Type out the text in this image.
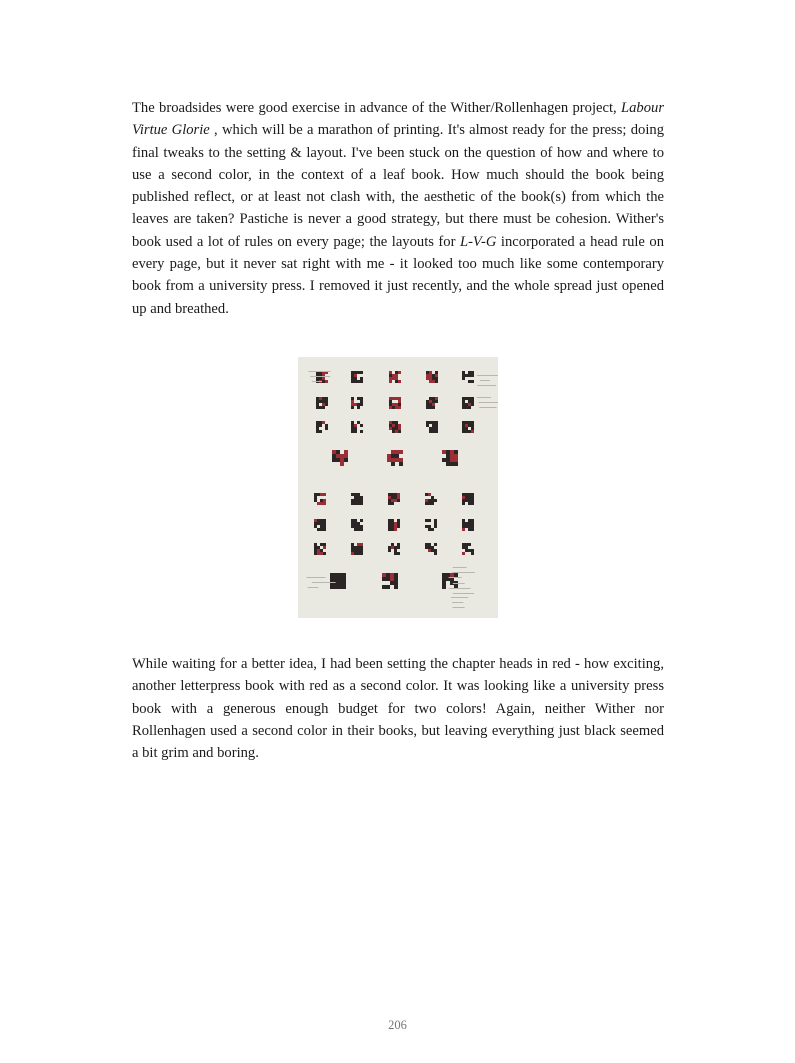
The broadsides were good exercise in advance of the Wither/Rollenhagen project, Labour Virtue Glorie , which will be a marathon of printing. It's almost ready for the press; doing final tweaks to the setting & layout. I've been stuck on the question of how and where to use a second color, in the context of a leaf book. How much should the book being published reflect, or at least not clash with, the aesthetic of the book(s) from which the leaves are taken? Pastiche is never a good strategy, but there must be cohesion. Wither's book used a lot of rules on every page; the layouts for L-V-G incorporated a head rule on every page, but it never sat right with me - it looked too much like some contemporary book from a university press. I removed it just recently, and the whole spread just opened up and breathed.

While waiting for a better idea, I had been setting the chapter heads in red - how exciting, another letterpress book with red as a second color. It was looking like a university press book with a generous enough budget for two colors! Again, neither Wither nor Rollenhagen used a second color in their books, but leaving everything just black seemed a bit grim and boring.

206
